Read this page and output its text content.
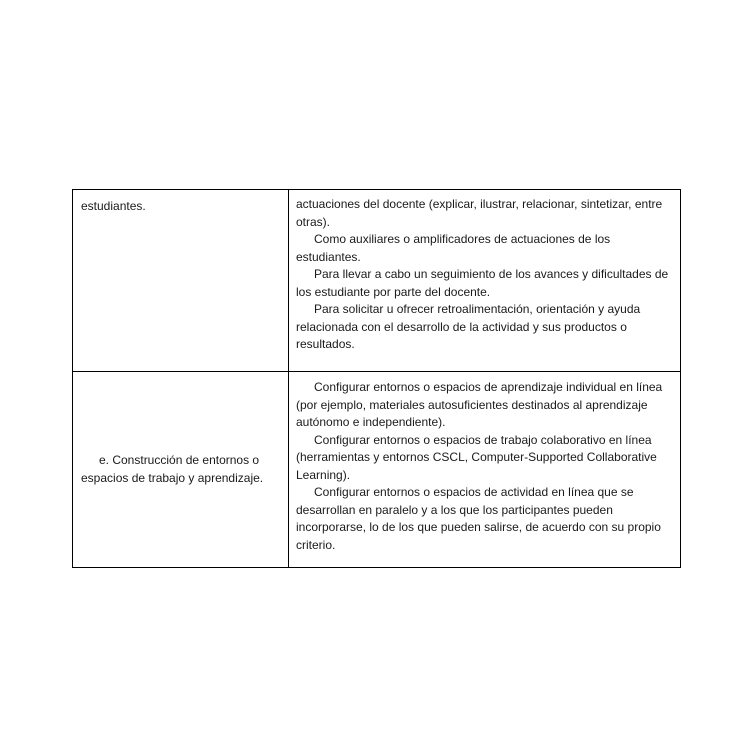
estudiantes.	actuaciones del docente (explicar, ilustrar, relacionar, sintetizar, entre otras).

Como auxiliares o amplificadores de actuaciones de los estudiantes.

Para llevar a cabo un seguimiento de los avances y dificultades de los estudiante por parte del docente.

Para solicitar u ofrecer retroalimentación, orientación y ayuda relacionada con el desarrollo de la actividad y sus productos o resultados.

e. Construcción de entornos o espacios de trabajo y aprendizaje.	Configurar entornos o espacios de aprendizaje individual en línea (por ejemplo, materiales autosuficientes destinados al aprendizaje autónomo e independiente).

Configurar entornos o espacios de trabajo colaborativo en línea (herramientas y entornos CSCL, Computer-Supported Collaborative Learning).

Configurar entornos o espacios de actividad en línea que se desarrollan en paralelo y a los que los participantes pueden incorporarse, lo de los que pueden salirse, de acuerdo con su propio criterio.
